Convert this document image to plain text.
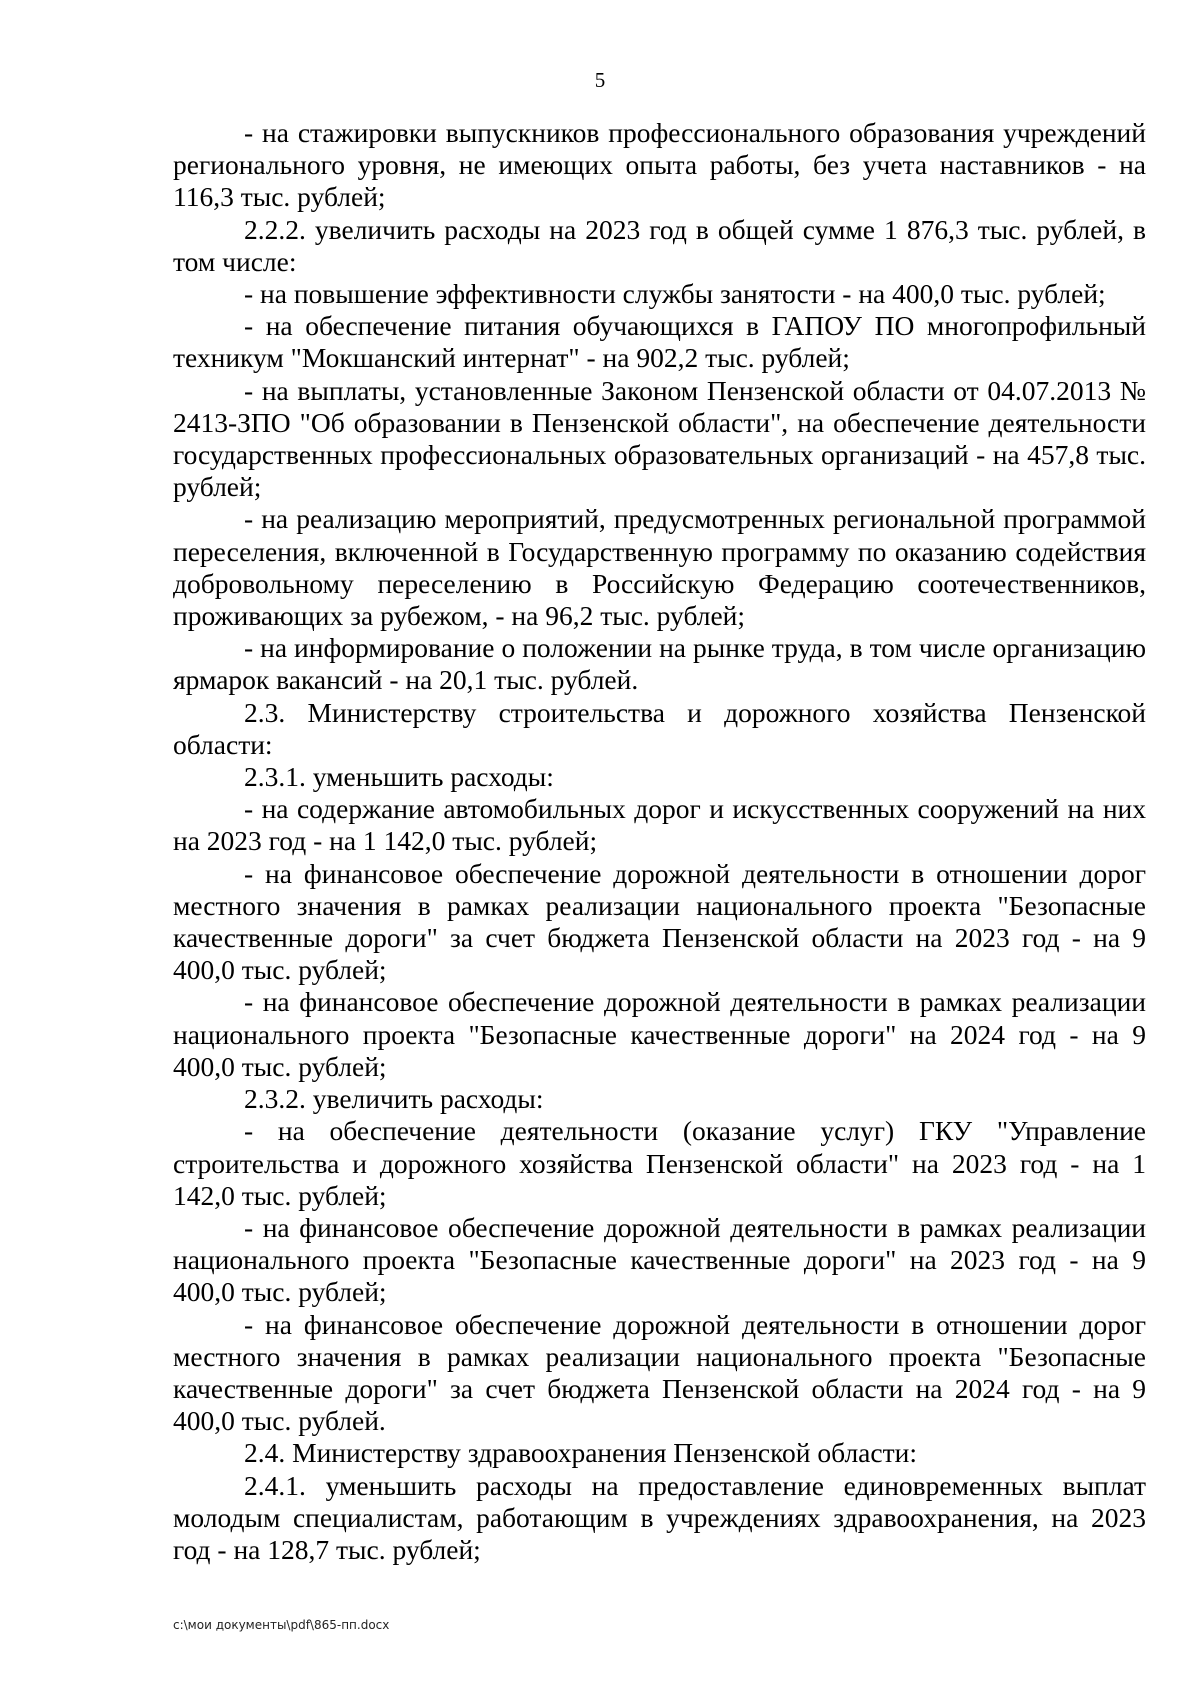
5

- на стажировки выпускников профессионального образования учреждений регионального уровня, не имеющих опыта работы, без учета наставников - на 116,3 тыс. рублей;

2.2.2. увеличить расходы на 2023 год в общей сумме 1 876,3 тыс. рублей, в том числе:

- на повышение эффективности службы занятости - на 400,0 тыс. рублей;

- на обеспечение питания обучающихся в ГАПОУ ПО многопрофильный техникум "Мокшанский интернат" - на 902,2 тыс. рублей;

- на выплаты, установленные Законом Пензенской области от 04.07.2013 № 2413-ЗПО "Об образовании в Пензенской области", на обеспечение деятельности государственных профессиональных образовательных организаций - на 457,8 тыс. рублей;

- на реализацию мероприятий, предусмотренных региональной программой переселения, включенной в Государственную программу по оказанию содействия добровольному переселению в Российскую Федерацию соотечественников, проживающих за рубежом, - на 96,2 тыс. рублей;

- на информирование о положении на рынке труда, в том числе организацию ярмарок вакансий - на 20,1 тыс. рублей.

2.3. Министерству строительства и дорожного хозяйства Пензенской области:

2.3.1. уменьшить расходы:

- на содержание автомобильных дорог и искусственных сооружений на них на 2023 год - на 1 142,0 тыс. рублей;

- на финансовое обеспечение дорожной деятельности в отношении дорог местного значения в рамках реализации национального проекта "Безопасные качественные дороги" за счет бюджета Пензенской области на 2023 год - на 9 400,0 тыс. рублей;

- на финансовое обеспечение дорожной деятельности в рамках реализации национального проекта "Безопасные качественные дороги" на 2024 год - на 9 400,0 тыс. рублей;

2.3.2. увеличить расходы:

- на обеспечение деятельности (оказание услуг) ГКУ "Управление строительства и дорожного хозяйства Пензенской области" на 2023 год - на 1 142,0 тыс. рублей;

- на финансовое обеспечение дорожной деятельности в рамках реализации национального проекта "Безопасные качественные дороги" на 2023 год - на 9 400,0 тыс. рублей;

- на финансовое обеспечение дорожной деятельности в отношении дорог местного значения в рамках реализации национального проекта "Безопасные качественные дороги" за счет бюджета Пензенской области на 2024 год - на 9 400,0 тыс. рублей.

2.4. Министерству здравоохранения Пензенской области:

2.4.1. уменьшить расходы на предоставление единовременных выплат молодым специалистам, работающим в учреждениях здравоохранения, на 2023 год - на 128,7 тыс. рублей;

c:\мои документы\pdf\865-пп.docx
